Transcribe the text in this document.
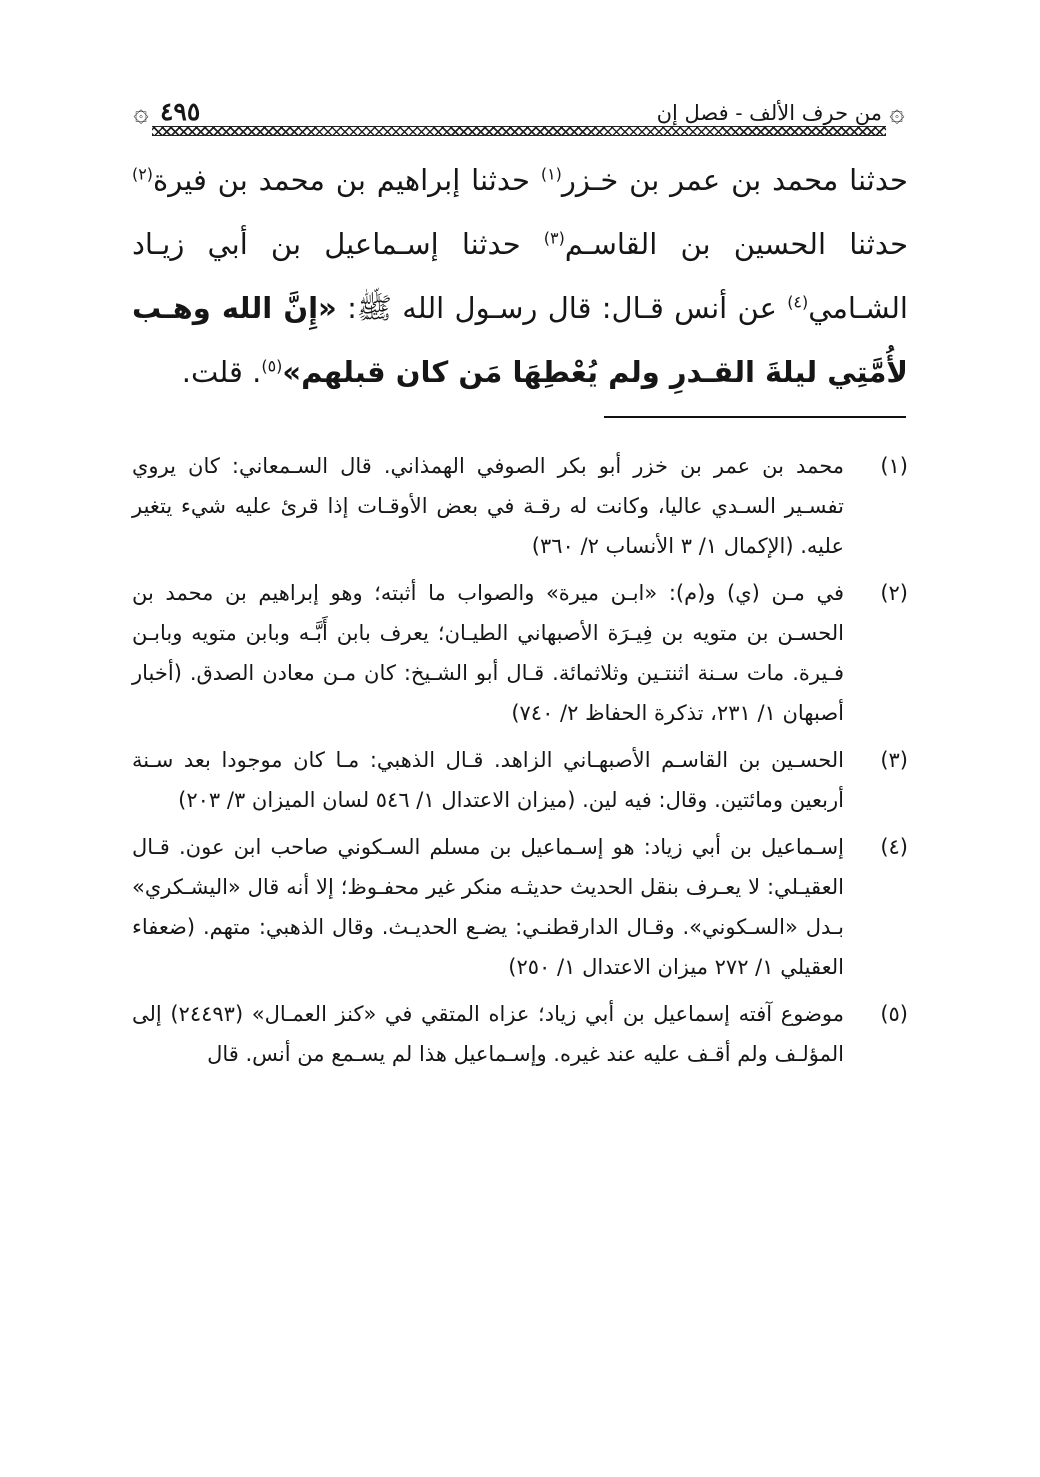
۞
من حرف الألف - فصل إن
٤٩٥
۞
حدثنا محمد بن عمر بن خـزر$^{(١)}$ حدثنا إبراهيم بن محمد بن فيرة$^{(٢)}$ حدثنا الحسين بن القاسـم$^{(٣)}$ حدثنا إسـماعيل بن أبي زيـاد الشـامي$^{(٤)}$ عن أنس قـال: قال رسـول الله ﷺ: «إِنَّ الله وهـب لأُمَّتِي ليلةَ القـدرِ ولم يُعْطِهَا مَن كان قبلهم»$^{(٥)}$. قلت.
(١)
محمد بن عمر بن خزر أبو بكر الصوفي الهمذاني. قال السـمعاني: كان يروي تفسـير السـدي عاليا، وكانت له رقـة في بعض الأوقـات إذا قرئ عليه شيء يتغير عليه. (الإكمال ١/ ٣ الأنساب ٢/ ٣٦٠)
(٢)
في مـن (ي) و(م): «ابـن ميرة» والصواب ما أثبته؛ وهو إبراهيم بن محمد بن الحسـن بن متويه بن فِيـرَة الأصبهاني الطيـان؛ يعرف بابن أَبَّـه وبابن متويه وبابـن فـيرة. مات سـنة اثنتـين وثلاثمائة. قـال أبو الشـيخ: كان مـن معادن الصدق. (أخبار أصبهان ١/ ٢٣١، تذكرة الحفاظ ٢/ ٧٤٠)
(٣)
الحسـين بن القاسـم الأصبهـاني الزاهد. قـال الذهبي: مـا كان موجودا بعد سـنة أربعين ومائتين. وقال: فيه لين. (ميزان الاعتدال ١/ ٥٤٦ لسان الميزان ٣/ ٢٠٣)
(٤)
إسـماعيل بن أبي زياد: هو إسـماعيل بن مسلم السـكوني صاحب ابن عون. قـال العقيـلي: لا يعـرف بنقل الحديث حديثـه منكر غير محفـوظ؛ إلا أنه قال «اليشـكري» بـدل «السـكوني». وقـال الدارقطنـي: يضـع الحديـث. وقال الذهبي: متهم. (ضعفاء العقيلي ١/ ٢٧٢ ميزان الاعتدال ١/ ٢٥٠)
(٥)
موضوع آفته إسماعيل بن أبي زياد؛ عزاه المتقي في «كنز العمـال» (٢٤٤٩٣) إلى المؤلـف ولم أقـف عليه عند غيره. وإسـماعيل هذا لم يسـمع من أنس. قال
